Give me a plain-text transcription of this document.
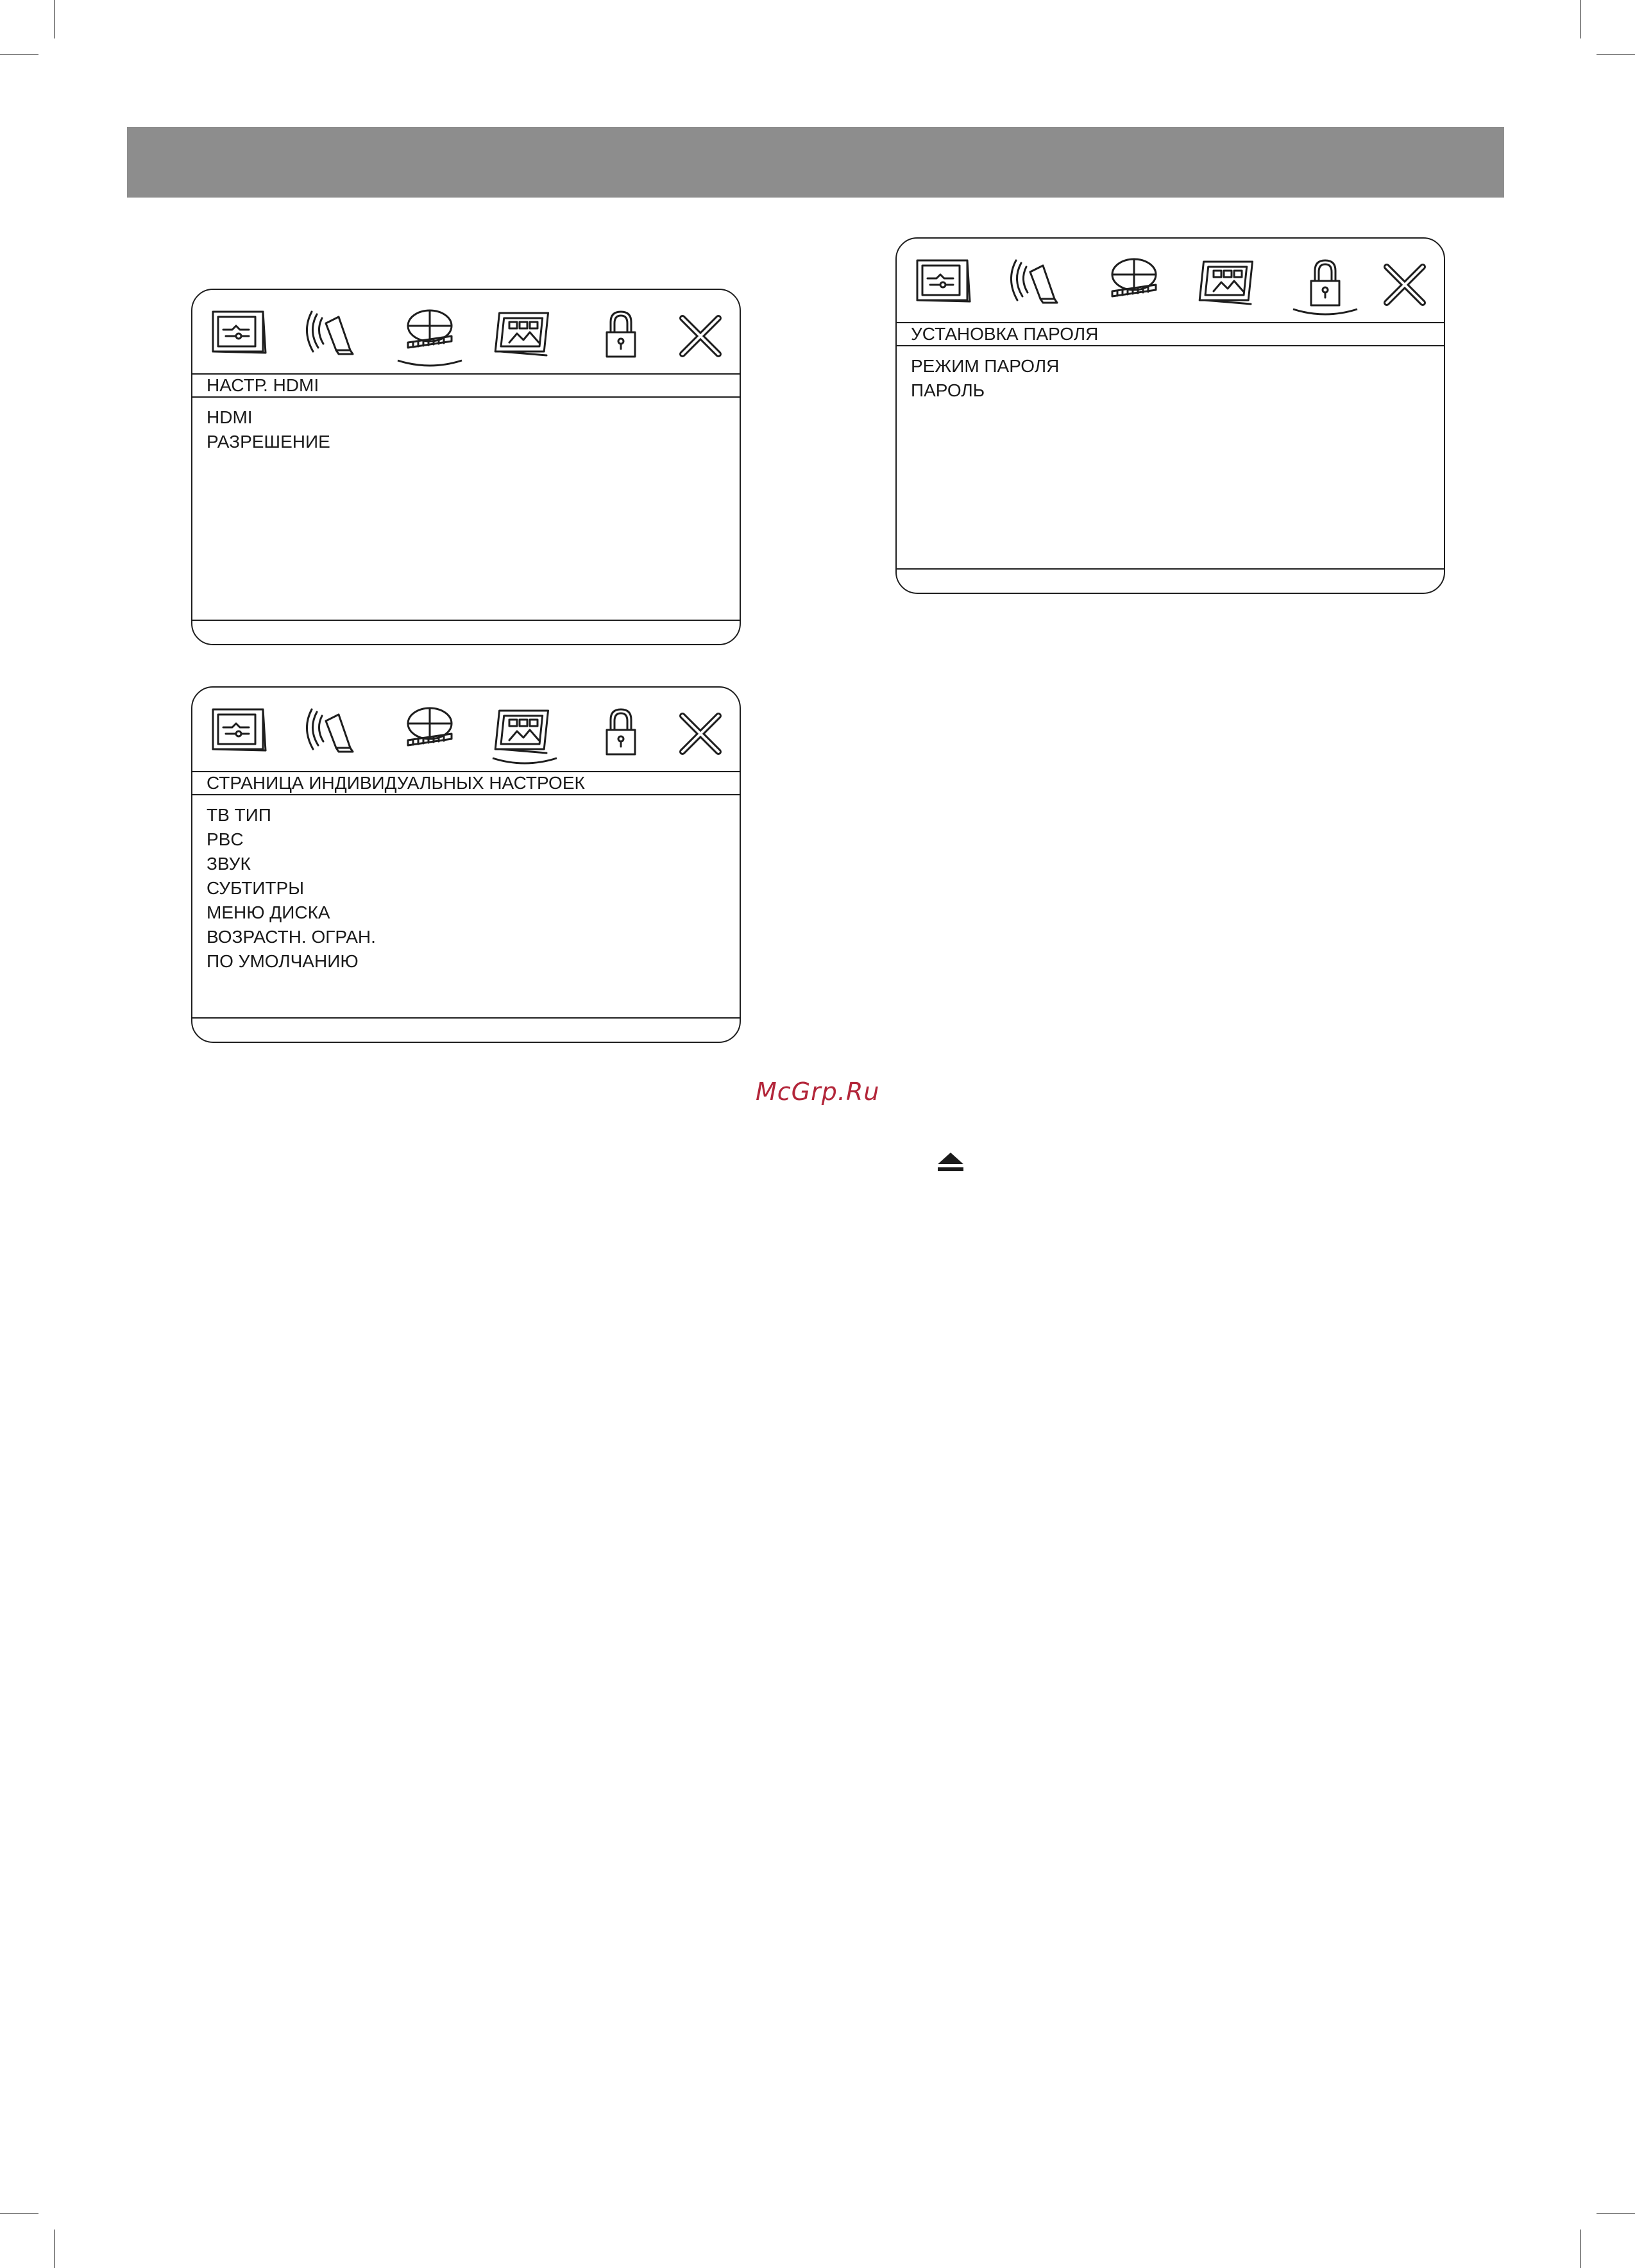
НАСТР. HDMI
HDMI
РАЗРЕШЕНИЕ
СТРАНИЦА ИНДИВИДУАЛЬНЫХ НАСТРОЕК
ТВ ТИП
PBC
ЗВУК
СУБТИТРЫ
МЕНЮ ДИСКА
ВОЗРАСТН. ОГРАН.
ПО УМОЛЧАНИЮ
УСТАНОВКА ПАРОЛЯ
РЕЖИМ ПАРОЛЯ
ПАРОЛЬ
McGrp.Ru
